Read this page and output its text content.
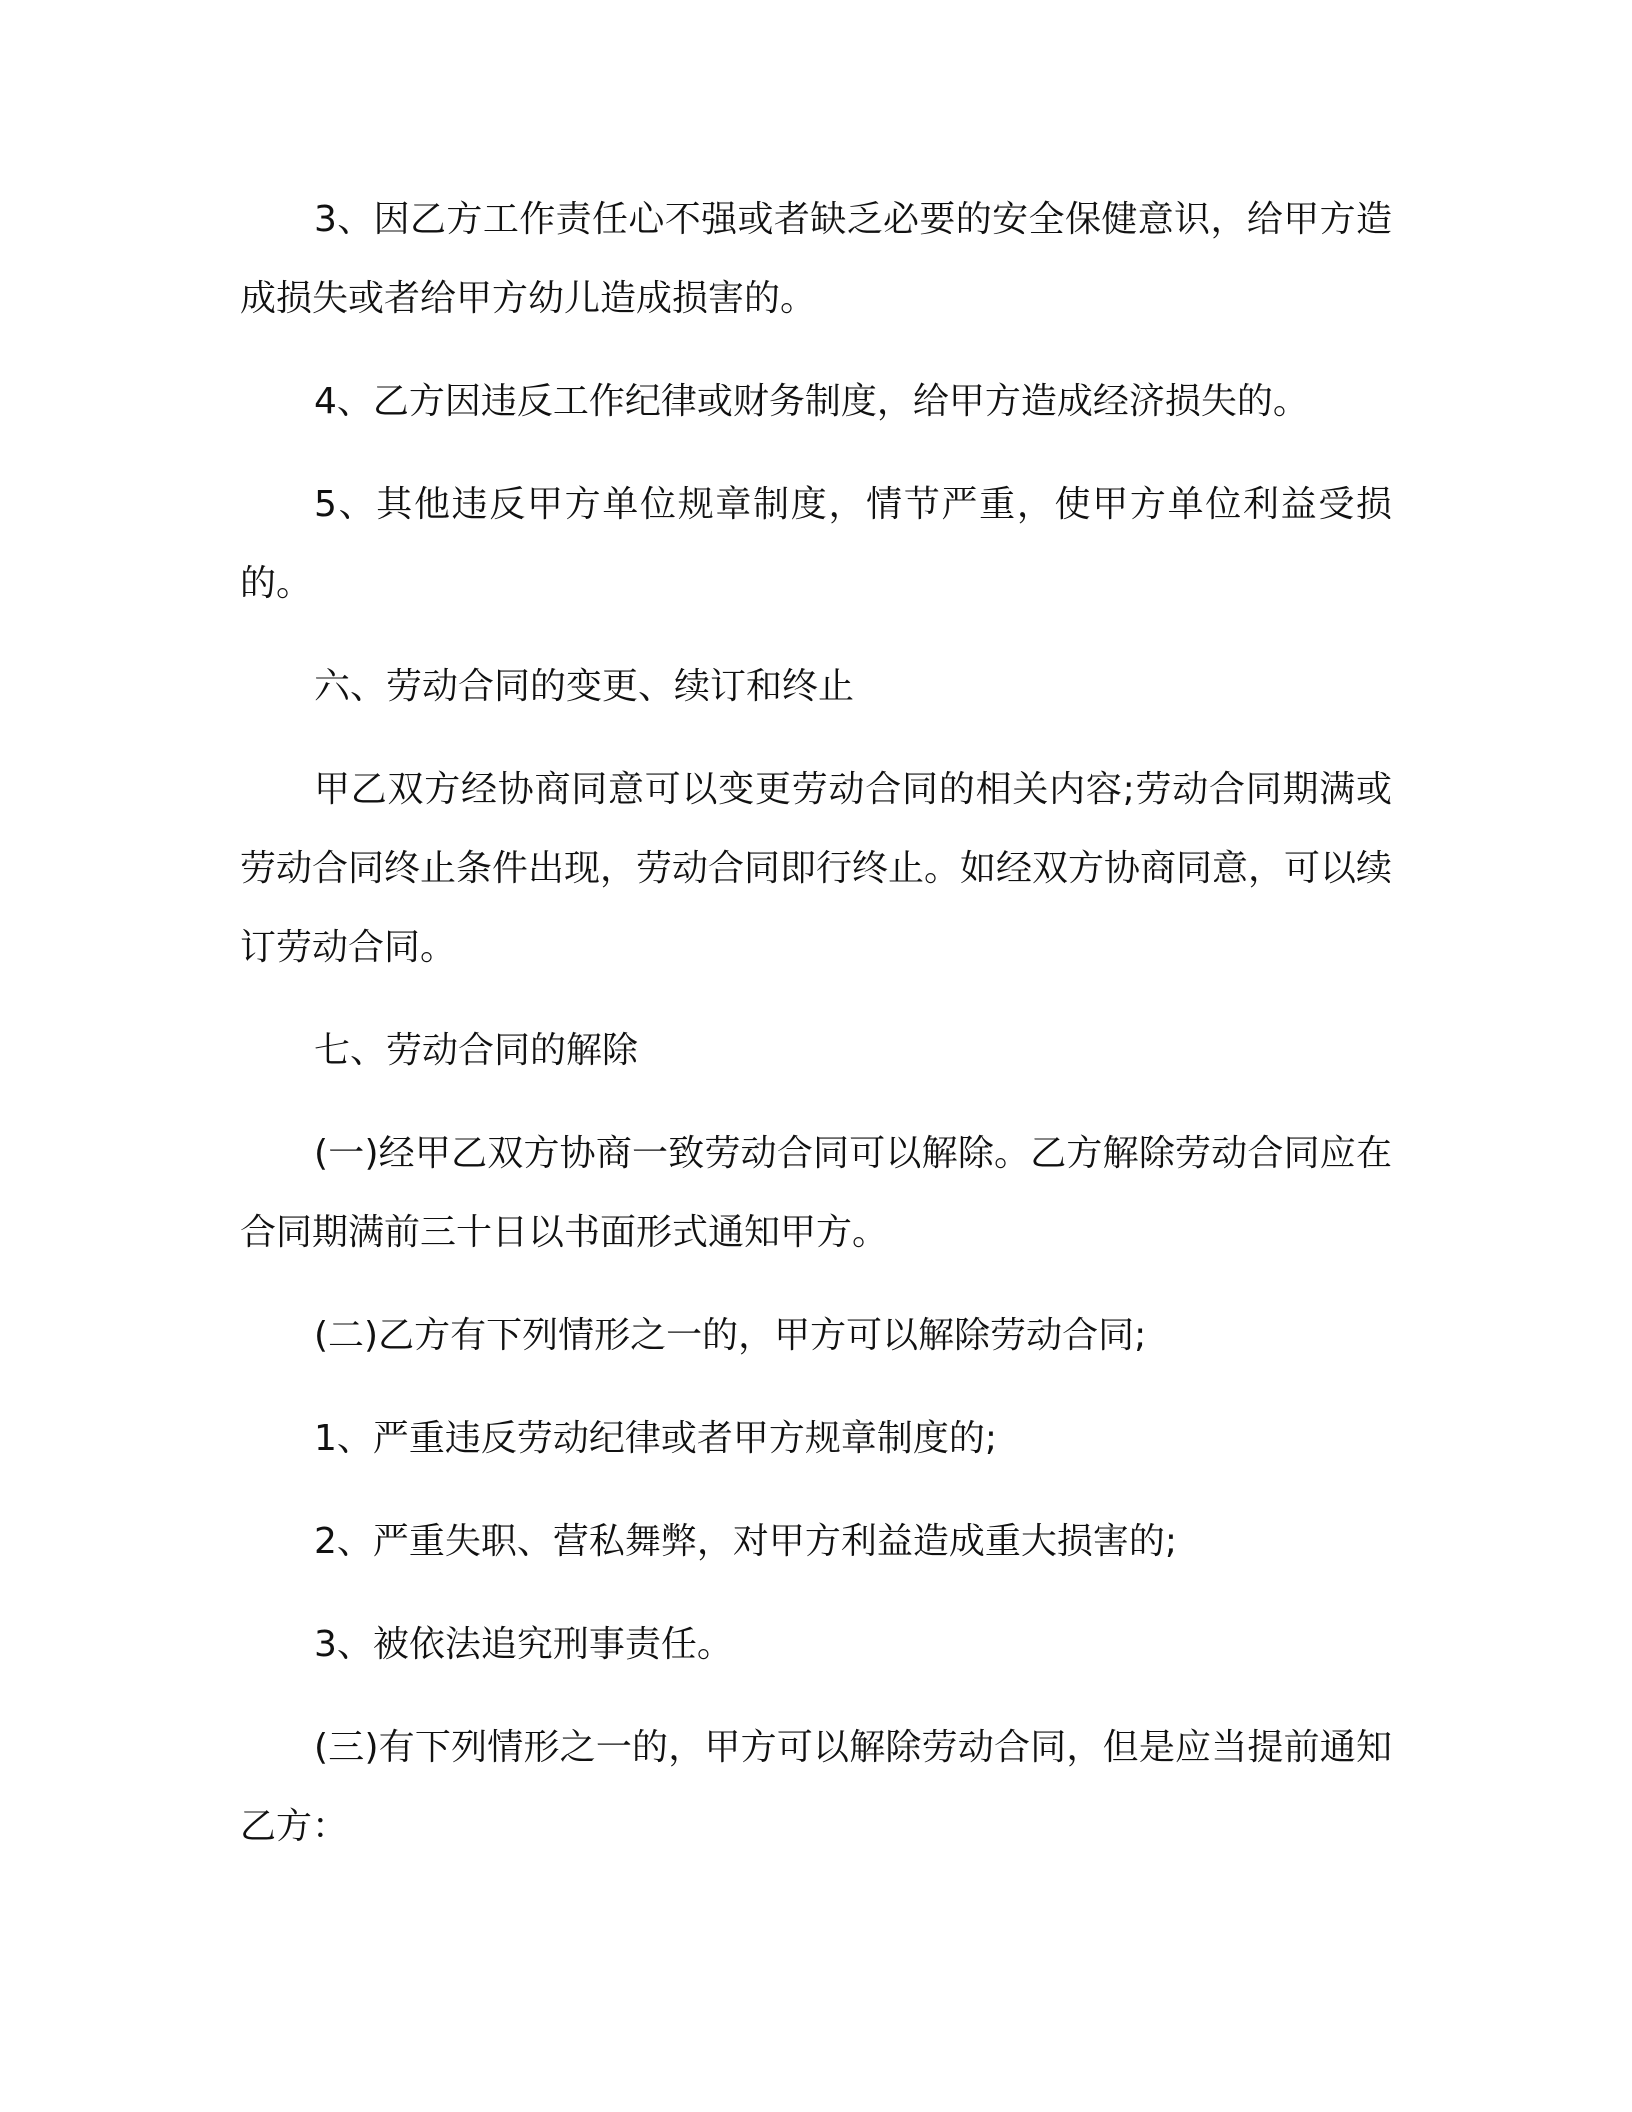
3、因乙方工作责任心不强或者缺乏必要的安全保健意识，给甲方造成损失或者给甲方幼儿造成损害的。

4、乙方因违反工作纪律或财务制度，给甲方造成经济损失的。

5、其他违反甲方单位规章制度，情节严重，使甲方单位利益受损的。

六、劳动合同的变更、续订和终止

甲乙双方经协商同意可以变更劳动合同的相关内容;劳动合同期满或劳动合同终止条件出现，劳动合同即行终止。如经双方协商同意，可以续订劳动合同。

七、劳动合同的解除

(一)经甲乙双方协商一致劳动合同可以解除。乙方解除劳动合同应在合同期满前三十日以书面形式通知甲方。

(二)乙方有下列情形之一的，甲方可以解除劳动合同;

1、严重违反劳动纪律或者甲方规章制度的;

2、严重失职、营私舞弊，对甲方利益造成重大损害的;

3、被依法追究刑事责任。

(三)有下列情形之一的，甲方可以解除劳动合同，但是应当提前通知乙方：
